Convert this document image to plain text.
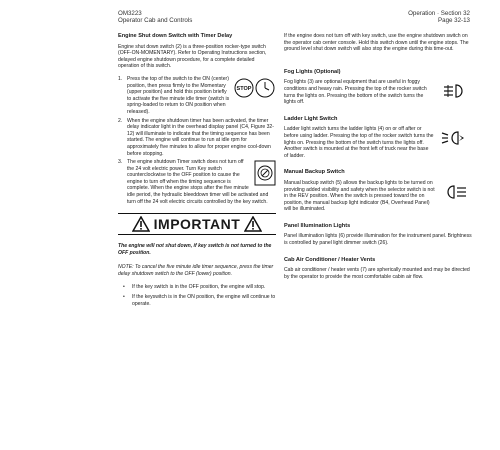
OM3223
Operator Cab and Controls
Operation · Section 32
Page 32-13
Engine Shut down Switch with Timer Delay
Engine shut down switch (2) is a three-position rocker-type switch (OFF-ON-MOMENTARY). Refer to Operating Instructions section, delayed engine shutdown procedure, for a complete detailed operation of this switch.
1.
STOP
Press the top of the switch to the ON (center) position, then press firmly to the Momentary (upper position) and hold this position briefly to activate the five minute idle timer (switch is spring-loaded to return to ON position when released).
2. When the engine shutdown timer has been activated, the timer delay indicator light in the overhead display panel (C4, Figure 32-12) will illuminate to indicate that the timing sequence has been started. The engine will continue to run at idle rpm for approximately five minutes to allow for proper engine cool-down before stopping.
3. The engine shutdown Timer switch does not turn off the 24 volt electric power. Turn Key switch counterclockwise to the OFF position to cause the engine to turn off when the timing sequence is complete. When the engine stops after the five minute idle period, the hydraulic bleeddown timer will be activated and turn off the 24 volt electric circuits controlled by the key switch.
IMPORTANT
The engine will not shut down, if key switch is not turned to the OFF position.
NOTE: To cancel the five minute idle timer sequence, press the timer delay shutdown switch to the OFF (lower) position.
• If the key switch is in the OFF position, the engine will stop.
• If the keyswitch is in the ON position, the engine will continue to operate.
If the engine does not turn off with key switch, use the engine shutdown switch on the operator cab center console. Hold this switch down until the engine stops. The ground level shut down switch will also stop the engine during this time-out.
Fog Lights (Optional)
Fog lights (3) are optional equipment that are useful in foggy conditions and heavy rain. Pressing the top of the rocker switch turns the lights on. Pressing the bottom of the switch turns the lights off.
Ladder Light Switch
Ladder light switch turns the ladder lights (4) on or off after or before using ladder. Pressing the top of the rocker switch turns the lights on. Pressing the bottom of the switch turns the lights off. Another switch is mounted at the front left of truck near the base of ladder.
Manual Backup Switch
Manual backup switch (5) allows the backup lights to be turned on providing added visibility and safety when the selector switch is not in the REV position. When the switch is pressed toward the on position, the manual backup light indicator (B4, Overhead Panel) will be illuminated.
Panel Illumination Lights
Panel illumination lights (6) provide illumination for the instrument panel. Brightness is controlled by panel light dimmer switch (26).
Cab Air Conditioner / Heater Vents
Cab air conditioner / heater vents (7) are spherically mounted and may be directed by the operator to provide the most comfortable cabin air flow.
